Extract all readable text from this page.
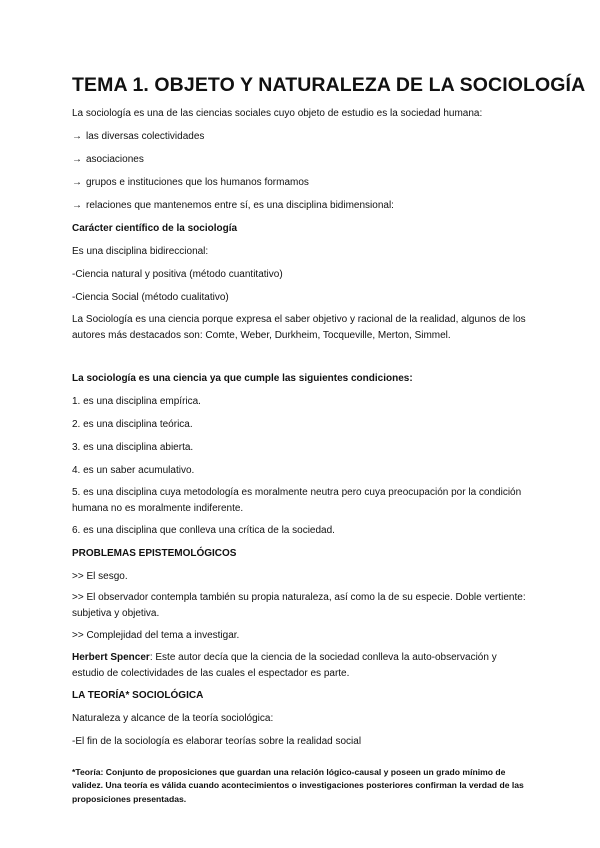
TEMA 1. OBJETO Y NATURALEZA DE LA SOCIOLOGÍA
La sociología es una de las ciencias sociales cuyo objeto de estudio es la sociedad humana:
→ las diversas colectividades
→ asociaciones
→ grupos e instituciones que los humanos formamos
→ relaciones que mantenemos entre sí, es una disciplina bidimensional:
Carácter científico de la sociología
Es una disciplina bidireccional:
-Ciencia natural y positiva (método cuantitativo)
-Ciencia Social (método cualitativo)
La Sociología es una ciencia porque expresa el saber objetivo y racional de la realidad, algunos de los autores más destacados son: Comte, Weber, Durkheim, Tocqueville, Merton, Simmel.
La sociología es una ciencia ya que cumple las siguientes condiciones:
1. es una disciplina empírica.
2. es una disciplina teórica.
3. es una disciplina abierta.
4. es un saber acumulativo.
5. es una disciplina cuya metodología es moralmente neutra pero cuya preocupación por la condición humana no es moralmente indiferente.
6. es una disciplina que conlleva una crítica de la sociedad.
PROBLEMAS EPISTEMOLÓGICOS
>> El sesgo.
>> El observador contempla también su propia naturaleza, así como la de su especie. Doble vertiente: subjetiva y objetiva.
>> Complejidad del tema a investigar.
Herbert Spencer: Este autor decía que la ciencia de la sociedad conlleva la auto-observación y estudio de colectividades de las cuales el espectador es parte.
LA TEORÍA* SOCIOLÓGICA
Naturaleza y alcance de la teoría sociológica:
-El fin de la sociología es elaborar teorías sobre la realidad social
*Teoría: Conjunto de proposiciones que guardan una relación lógico-causal y poseen un grado mínimo de validez. Una teoría es válida cuando acontecimientos o investigaciones posteriores confirman la verdad de las proposiciones presentadas.
